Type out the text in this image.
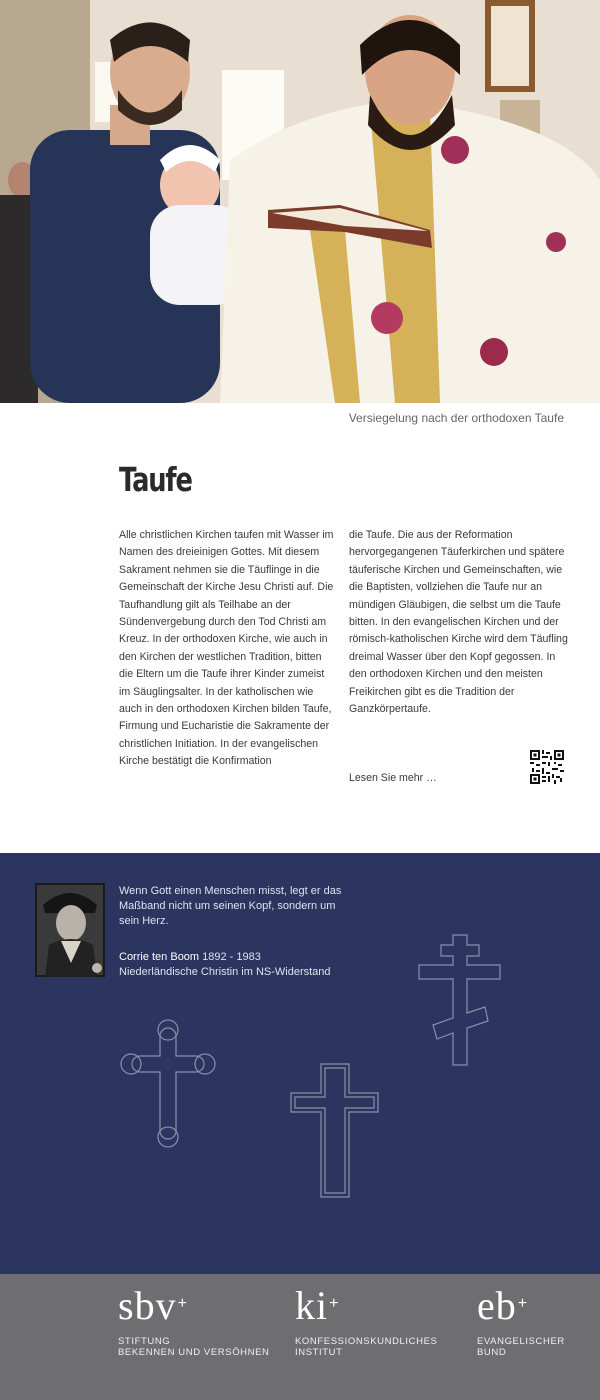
Versiegelung nach der orthodoxen Taufe
Taufe

Alle christlichen Kirchen taufen mit Wasser im Namen des dreieinigen Gottes. Mit diesem Sakrament nehmen sie die Täuflinge in die Gemeinschaft der Kirche Jesu Christi auf. Die Taufhandlung gilt als Teilhabe an der Sündenvergebung durch den Tod Christi am Kreuz. In der orthodoxen Kirche, wie auch in den Kirchen der westlichen Tradition, bitten die Eltern um die Taufe ihrer Kinder zumeist im Säuglingsalter. In der katholischen wie auch in den orthodoxen Kirchen bilden Taufe, Firmung und Eucharistie die Sakramente der christlichen Initiation. In der evangelischen Kirche bestätigt die Konfirmation

die Taufe. Die aus der Reformation hervorgegangenen Täuferkirchen und spätere täuferische Kirchen und Gemeinschaften, wie die Baptisten, vollziehen die Taufe nur an mündigen Gläubigen, die selbst um die Taufe bitten. In den evangelischen Kirchen und der römisch-katholischen Kirche wird dem Täufling dreimal Wasser über den Kopf gegossen. In den orthodoxen Kirchen und den meisten Freikirchen gibt es die Tradition der Ganzkörpertaufe.

Lesen Sie mehr …
Wenn Gott einen Menschen misst, legt er das Maßband nicht um seinen Kopf, sondern um sein Herz.
Corrie ten Boom 1892 - 1983
Niederländische Christin im NS-Widerstand
sbv +
STIFTUNG
BEKENNEN UND VERSÖHNEN
ki +
KONFESSIONSKUNDLICHES
INSTITUT
eb +
EVANGELISCHER
BUND
